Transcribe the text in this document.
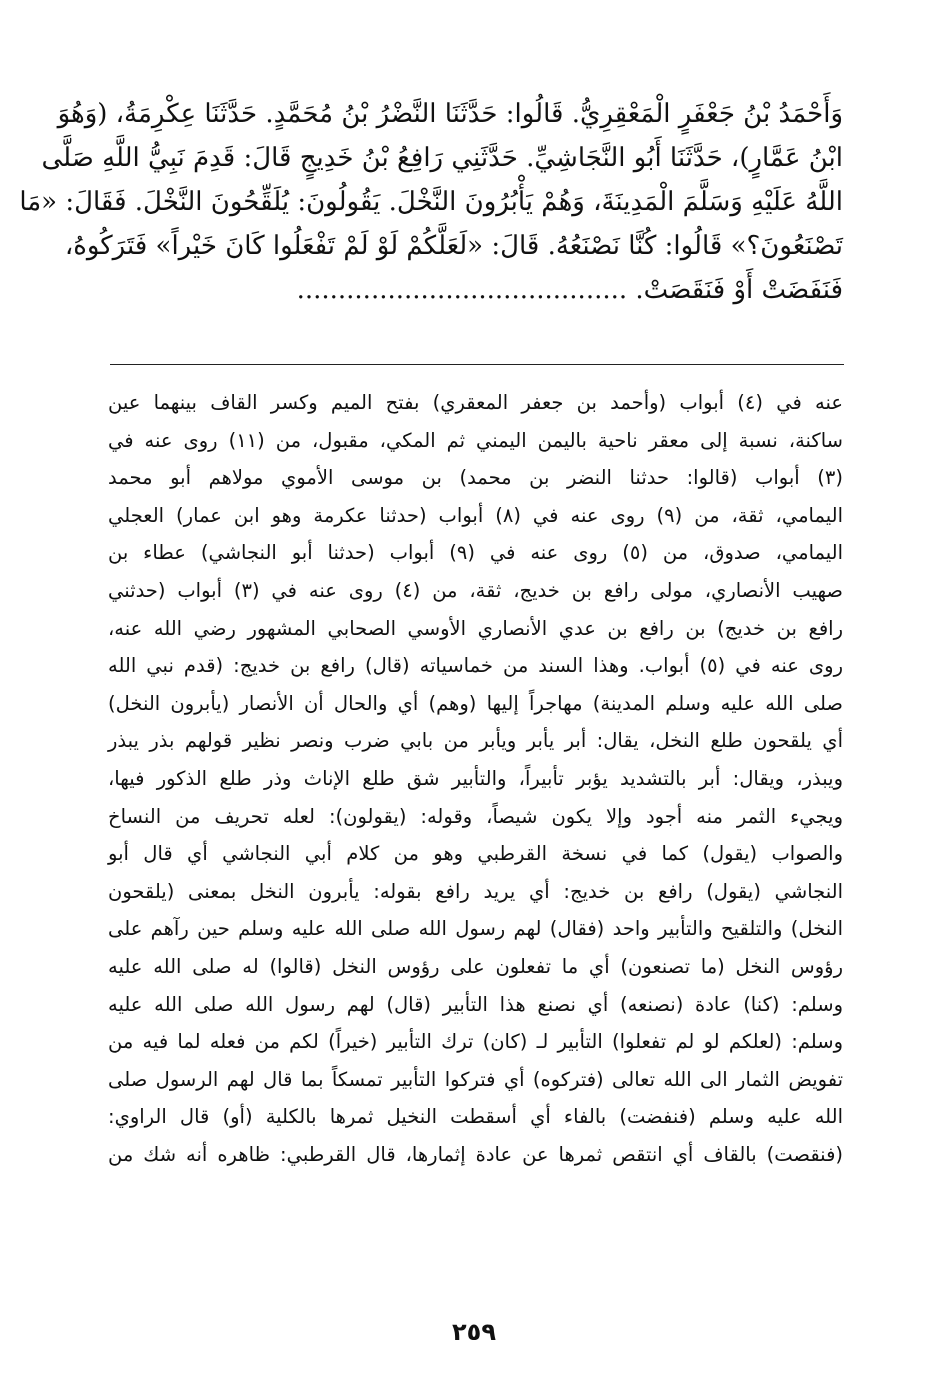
وَأَحْمَدُ بْنُ جَعْفَرٍ الْمَعْقِرِيُّ. قَالُوا: حَدَّثَنَا النَّضْرُ بْنُ مُحَمَّدٍ. حَدَّثَنَا عِكْرِمَةُ، (وَهُوَ
ابْنُ عَمَّارٍ)، حَدَّثَنَا أَبُو النَّجَاشِيِّ. حَدَّثَنِي رَافِعُ بْنُ خَدِيجٍ قَالَ: قَدِمَ نَبِيُّ اللَّهِ صَلَّى
اللَّهُ عَلَيْهِ وَسَلَّمَ الْمَدِينَةَ، وَهُمْ يَأْبُرُونَ النَّخْلَ. يَقُولُونَ: يُلَقِّحُونَ النَّخْلَ. فَقَالَ: «مَا
تَصْنَعُونَ؟» قَالُوا: كُنَّا نَصْنَعُهُ. قَالَ: «لَعَلَّكُمْ لَوْ لَمْ تَفْعَلُوا كَانَ خَيْراً» فَتَرَكُوهُ،
فَنَفَضَتْ أَوْ فَنَقَصَتْ. ........................................
عنه في (٤) أبواب (وأحمد بن جعفر المعقري) بفتح الميم وكسر القاف بينهما عين
ساكنة، نسبة إلى معقر ناحية باليمن اليمني ثم المكي، مقبول، من (١١) روى عنه في
(٣) أبواب (قالوا: حدثنا النضر بن محمد) بن موسى الأموي مولاهم أبو محمد
اليمامي، ثقة، من (٩) روى عنه في (٨) أبواب (حدثنا عكرمة وهو ابن عمار) العجلي
اليمامي، صدوق، من (٥) روى عنه في (٩) أبواب (حدثنا أبو النجاشي) عطاء بن
صهيب الأنصاري، مولى رافع بن خديج، ثقة، من (٤) روى عنه في (٣) أبواب (حدثني
رافع بن خديج) بن رافع بن عدي الأنصاري الأوسي الصحابي المشهور رضي الله عنه،
روى عنه في (٥) أبواب. وهذا السند من خماسياته (قال) رافع بن خديج: (قدم نبي الله
صلى الله عليه وسلم المدينة) مهاجراً إليها (وهم) أي والحال أن الأنصار (يأبرون النخل)
أي يلقحون طلع النخل، يقال: أبر يأبر ويأبر من بابي ضرب ونصر نظير قولهم بذر يبذر
ويبذر، ويقال: أبر بالتشديد يؤبر تأبيراً، والتأبير شق طلع الإناث وذر طلع الذكور فيها،
ويجيء الثمر منه أجود وإلا يكون شيصاً، وقوله: (يقولون): لعله تحريف من النساخ
والصواب (يقول) كما في نسخة القرطبي وهو من كلام أبي النجاشي أي قال أبو
النجاشي (يقول) رافع بن خديج: أي يريد رافع بقوله: يأبرون النخل بمعنى (يلقحون
النخل) والتلقيح والتأبير واحد (فقال) لهم رسول الله صلى الله عليه وسلم حين رآهم على
رؤوس النخل (ما تصنعون) أي ما تفعلون على رؤوس النخل (قالوا) له صلى الله عليه
وسلم: (كنا) عادة (نصنعه) أي نصنع هذا التأبير (قال) لهم رسول الله صلى الله عليه
وسلم: (لعلكم لو لم تفعلوا) التأبير لـ (كان) ترك التأبير (خيراً) لكم من فعله لما فيه من
تفويض الثمار الى الله تعالى (فتركوه) أي فتركوا التأبير تمسكاً بما قال لهم الرسول صلى
الله عليه وسلم (فنفضت) بالفاء أي أسقطت النخيل ثمرها بالكلية (أو) قال الراوي:
(فنقصت) بالقاف أي انتقص ثمرها عن عادة إثمارها، قال القرطبي: ظاهره أنه شك من
٢٥٩
